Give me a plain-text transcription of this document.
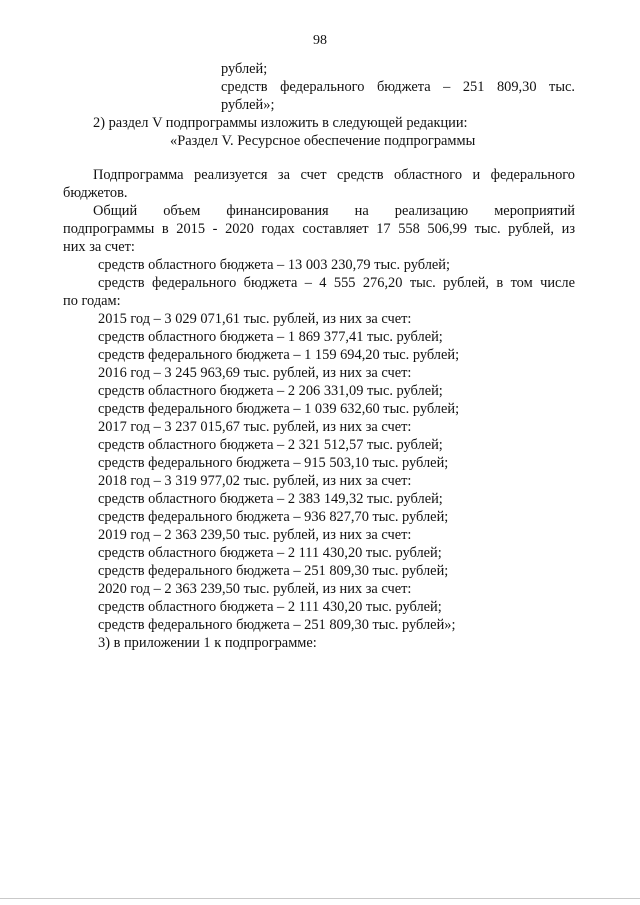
98
рублей;
средств федерального бюджета – 251 809,30 тыс.
рублей»;
2) раздел V подпрограммы изложить в следующей редакции:
«Раздел V. Ресурсное обеспечение подпрограммы
Подпрограмма реализуется за счет средств областного и федерального
бюджетов.
Общий объем финансирования на реализацию мероприятий
подпрограммы в 2015 - 2020 годах составляет 17 558 506,99 тыс. рублей, из
них за счет:
средств областного бюджета – 13 003 230,79 тыс. рублей;
средств федерального бюджета – 4 555 276,20 тыс. рублей, в том числе
по годам:
2015 год – 3 029 071,61 тыс. рублей, из них за счет:
средств областного бюджета – 1 869 377,41 тыс. рублей;
средств федерального бюджета – 1 159 694,20 тыс. рублей;
2016 год – 3 245 963,69 тыс. рублей, из них за счет:
средств областного бюджета – 2 206 331,09 тыс. рублей;
средств федерального бюджета – 1 039 632,60 тыс. рублей;
2017 год – 3 237 015,67 тыс. рублей, из них за счет:
средств областного бюджета – 2 321 512,57 тыс. рублей;
средств федерального бюджета – 915 503,10 тыс. рублей;
2018 год – 3 319 977,02 тыс. рублей, из них за счет:
средств областного бюджета – 2 383 149,32 тыс. рублей;
средств федерального бюджета – 936 827,70 тыс. рублей;
2019 год – 2 363 239,50 тыс. рублей, из них за счет:
средств областного бюджета – 2 111 430,20 тыс. рублей;
средств федерального бюджета – 251 809,30 тыс. рублей;
2020 год – 2 363 239,50 тыс. рублей, из них за счет:
средств областного бюджета – 2 111 430,20 тыс. рублей;
средств федерального бюджета – 251 809,30 тыс. рублей»;
3) в приложении 1 к подпрограмме:
